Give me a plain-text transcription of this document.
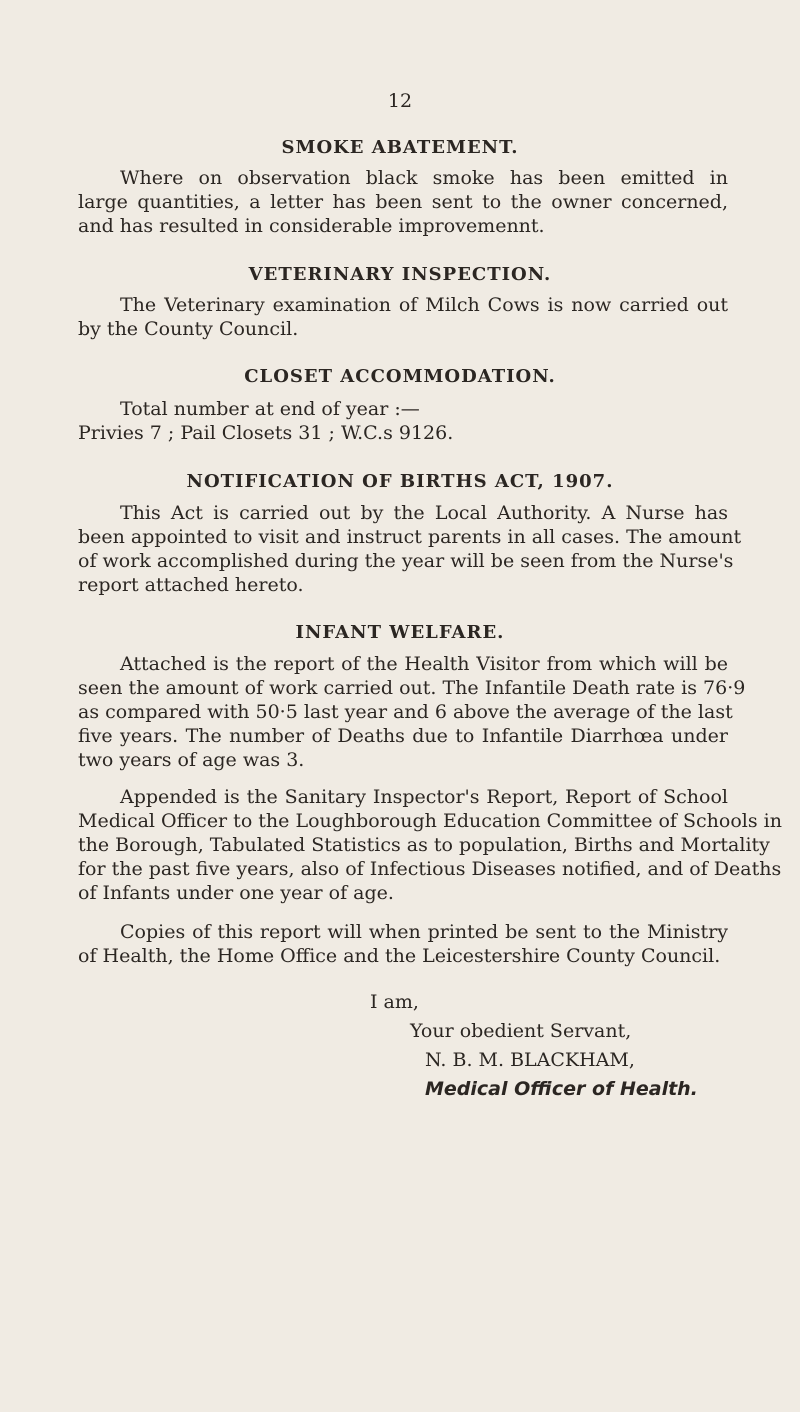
12
SMOKE ABATEMENT.
Where on observation black smoke has been emitted in
large quantities, a letter has been sent to the owner concerned,
and has resulted in considerable improvemennt.
VETERINARY INSPECTION.
The Veterinary examination of Milch Cows is now carried out
by the County Council.
CLOSET ACCOMMODATION.
Total number at end of year :—
Privies 7 ; Pail Closets 31 ; W.C.s 9126.
NOTIFICATION OF BIRTHS ACT, 1907.
This Act is carried out by the Local Authority. A Nurse has
been appointed to visit and instruct parents in all cases. The amount
of work accomplished during the year will be seen from the Nurse's
report attached hereto.
INFANT WELFARE.
Attached is the report of the Health Visitor from which will be
seen the amount of work carried out. The Infantile Death rate is 76·9
as compared with 50·5 last year and 6 above the average of the last
five years. The number of Deaths due to Infantile Diarrhœa under
two years of age was 3.
Appended is the Sanitary Inspector's Report, Report of School
Medical Officer to the Loughborough Education Committee of Schools in
the Borough, Tabulated Statistics as to population, Births and Mortality
for the past five years, also of Infectious Diseases notified, and of Deaths
of Infants under one year of age.
Copies of this report will when printed be sent to the Ministry
of Health, the Home Office and the Leicestershire County Council.
I am,
Your obedient Servant,
N. B. M. BLACKHAM,
Medical Officer of Health.
